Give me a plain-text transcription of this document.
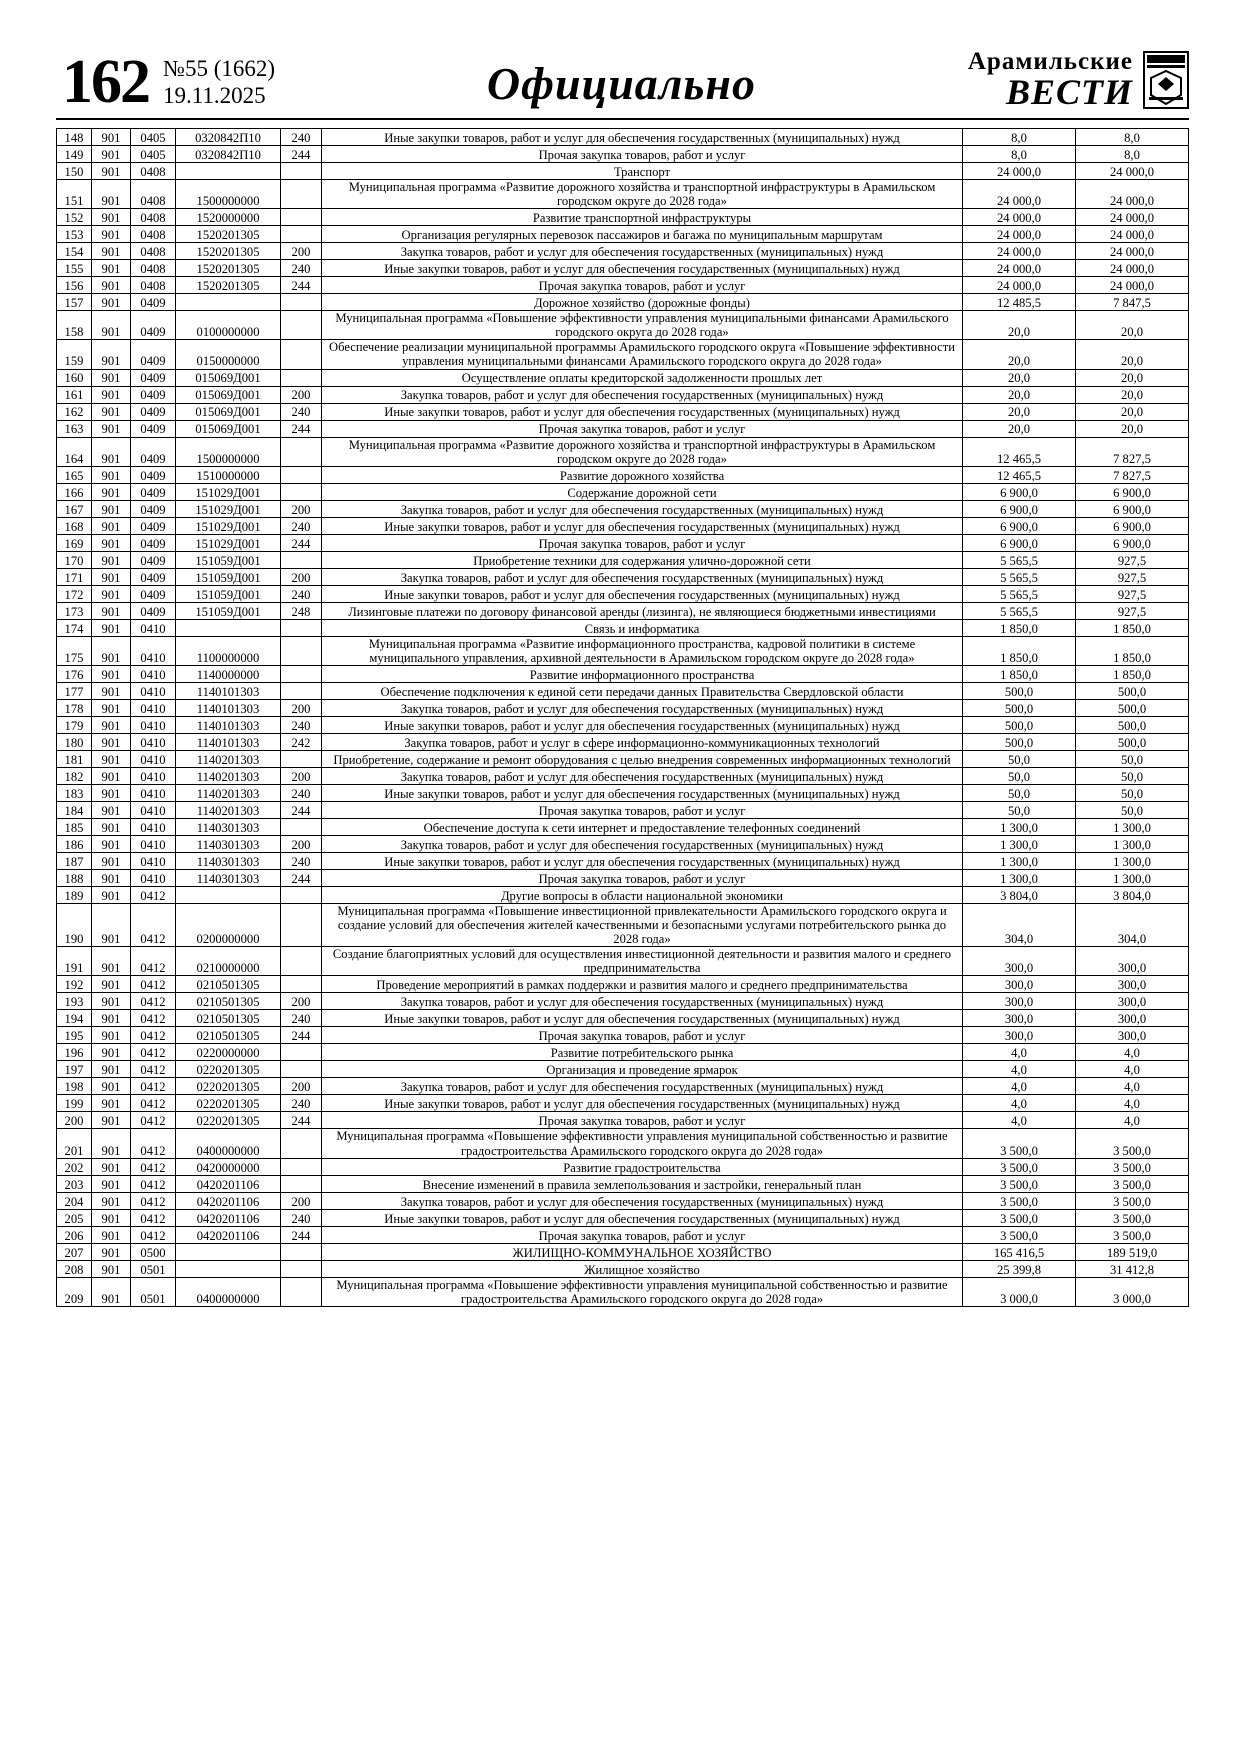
162 №55 (1662)
19.11.2025	Официально	Арамильские
ВЕСТИ
148	901	0405	0320842П10	240	Иные закупки товаров, работ и услуг для обеспечения государственных (муниципальных) нужд	8,0	8,0
149	901	0405	0320842П10	244	Прочая закупка товаров, работ и услуг	8,0	8,0
150	901	0408			Транспорт	24 000,0	24 000,0
151	901	0408	1500000000		Муниципальная программа «Развитие дорожного хозяйства и транспортной инфраструктуры в Арамильском городском округе до 2028 года»	24 000,0	24 000,0
152	901	0408	1520000000		Развитие транспортной инфраструктуры	24 000,0	24 000,0
153	901	0408	1520201305		Организация регулярных перевозок пассажиров и багажа по муниципальным маршрутам	24 000,0	24 000,0
154	901	0408	1520201305	200	Закупка товаров, работ и услуг для обеспечения государственных (муниципальных) нужд	24 000,0	24 000,0
155	901	0408	1520201305	240	Иные закупки товаров, работ и услуг для обеспечения государственных (муниципальных) нужд	24 000,0	24 000,0
156	901	0408	1520201305	244	Прочая закупка товаров, работ и услуг	24 000,0	24 000,0
157	901	0409			Дорожное хозяйство (дорожные фонды)	12 485,5	7 847,5
158	901	0409	0100000000		Муниципальная программа «Повышение эффективности управления муниципальными финансами Арамильского городского округа до 2028 года»	20,0	20,0
159	901	0409	0150000000		Обеспечение реализации муниципальной программы Арамильского городского округа «Повышение эффективности управления муниципальными финансами Арамильского городского округа до 2028 года»	20,0	20,0
160	901	0409	015069Д001		Осуществление оплаты кредиторской задолженности прошлых лет	20,0	20,0
161	901	0409	015069Д001	200	Закупка товаров, работ и услуг для обеспечения государственных (муниципальных) нужд	20,0	20,0
162	901	0409	015069Д001	240	Иные закупки товаров, работ и услуг для обеспечения государственных (муниципальных) нужд	20,0	20,0
163	901	0409	015069Д001	244	Прочая закупка товаров, работ и услуг	20,0	20,0
164	901	0409	1500000000		Муниципальная программа «Развитие дорожного хозяйства и транспортной инфраструктуры в Арамильском городском округе до 2028 года»	12 465,5	7 827,5
165	901	0409	1510000000		Развитие дорожного хозяйства	12 465,5	7 827,5
166	901	0409	151029Д001		Содержание дорожной сети	6 900,0	6 900,0
167	901	0409	151029Д001	200	Закупка товаров, работ и услуг для обеспечения государственных (муниципальных) нужд	6 900,0	6 900,0
168	901	0409	151029Д001	240	Иные закупки товаров, работ и услуг для обеспечения государственных (муниципальных) нужд	6 900,0	6 900,0
169	901	0409	151029Д001	244	Прочая закупка товаров, работ и услуг	6 900,0	6 900,0
170	901	0409	151059Д001		Приобретение техники для содержания улично-дорожной сети	5 565,5	927,5
171	901	0409	151059Д001	200	Закупка товаров, работ и услуг для обеспечения государственных (муниципальных) нужд	5 565,5	927,5
172	901	0409	151059Д001	240	Иные закупки товаров, работ и услуг для обеспечения государственных (муниципальных) нужд	5 565,5	927,5
173	901	0409	151059Д001	248	Лизинговые платежи по договору финансовой аренды (лизинга), не являющиеся бюджетными инвестициями	5 565,5	927,5
174	901	0410			Связь и информатика	1 850,0	1 850,0
175	901	0410	1100000000		Муниципальная программа «Развитие информационного пространства, кадровой политики в системе муниципального управления, архивной деятельности в Арамильском городском округе до 2028 года»	1 850,0	1 850,0
176	901	0410	1140000000		Развитие информационного пространства	1 850,0	1 850,0
177	901	0410	1140101303		Обеспечение подключения к единой сети передачи данных Правительства Свердловской области	500,0	500,0
178	901	0410	1140101303	200	Закупка товаров, работ и услуг для обеспечения государственных (муниципальных) нужд	500,0	500,0
179	901	0410	1140101303	240	Иные закупки товаров, работ и услуг для обеспечения государственных (муниципальных) нужд	500,0	500,0
180	901	0410	1140101303	242	Закупка товаров, работ и услуг в сфере информационно-коммуникационных технологий	500,0	500,0
181	901	0410	1140201303		Приобретение, содержание и ремонт оборудования с целью внедрения современных информационных технологий	50,0	50,0
182	901	0410	1140201303	200	Закупка товаров, работ и услуг для обеспечения государственных (муниципальных) нужд	50,0	50,0
183	901	0410	1140201303	240	Иные закупки товаров, работ и услуг для обеспечения государственных (муниципальных) нужд	50,0	50,0
184	901	0410	1140201303	244	Прочая закупка товаров, работ и услуг	50,0	50,0
185	901	0410	1140301303		Обеспечение доступа к сети интернет и предоставление телефонных соединений	1 300,0	1 300,0
186	901	0410	1140301303	200	Закупка товаров, работ и услуг для обеспечения государственных (муниципальных) нужд	1 300,0	1 300,0
187	901	0410	1140301303	240	Иные закупки товаров, работ и услуг для обеспечения государственных (муниципальных) нужд	1 300,0	1 300,0
188	901	0410	1140301303	244	Прочая закупка товаров, работ и услуг	1 300,0	1 300,0
189	901	0412			Другие вопросы в области национальной экономики	3 804,0	3 804,0
190	901	0412	0200000000		Муниципальная программа «Повышение инвестиционной привлекательности Арамильского городского округа и создание условий для обеспечения жителей качественными и безопасными услугами потребительского рынка до 2028 года»	304,0	304,0
191	901	0412	0210000000		Создание благоприятных условий для осуществления инвестиционной деятельности и развития малого и среднего предпринимательства	300,0	300,0
192	901	0412	0210501305		Проведение мероприятий в рамках поддержки и развития малого и среднего предпринимательства	300,0	300,0
193	901	0412	0210501305	200	Закупка товаров, работ и услуг для обеспечения государственных (муниципальных) нужд	300,0	300,0
194	901	0412	0210501305	240	Иные закупки товаров, работ и услуг для обеспечения государственных (муниципальных) нужд	300,0	300,0
195	901	0412	0210501305	244	Прочая закупка товаров, работ и услуг	300,0	300,0
196	901	0412	0220000000		Развитие потребительского рынка	4,0	4,0
197	901	0412	0220201305		Организация и проведение ярмарок	4,0	4,0
198	901	0412	0220201305	200	Закупка товаров, работ и услуг для обеспечения государственных (муниципальных) нужд	4,0	4,0
199	901	0412	0220201305	240	Иные закупки товаров, работ и услуг для обеспечения государственных (муниципальных) нужд	4,0	4,0
200	901	0412	0220201305	244	Прочая закупка товаров, работ и услуг	4,0	4,0
201	901	0412	0400000000		Муниципальная программа «Повышение эффективности управления муниципальной собственностью и развитие градостроительства Арамильского городского округа до 2028 года»	3 500,0	3 500,0
202	901	0412	0420000000		Развитие градостроительства	3 500,0	3 500,0
203	901	0412	0420201106		Внесение изменений в правила землепользования и застройки, генеральный план	3 500,0	3 500,0
204	901	0412	0420201106	200	Закупка товаров, работ и услуг для обеспечения государственных (муниципальных) нужд	3 500,0	3 500,0
205	901	0412	0420201106	240	Иные закупки товаров, работ и услуг для обеспечения государственных (муниципальных) нужд	3 500,0	3 500,0
206	901	0412	0420201106	244	Прочая закупка товаров, работ и услуг	3 500,0	3 500,0
207	901	0500			ЖИЛИЩНО-КОММУНАЛЬНОЕ ХОЗЯЙСТВО	165 416,5	189 519,0
208	901	0501			Жилищное хозяйство	25 399,8	31 412,8
209	901	0501	0400000000		Муниципальная программа «Повышение эффективности управления муниципальной собственностью и развитие градостроительства Арамильского городского округа до 2028 года»	3 000,0	3 000,0
